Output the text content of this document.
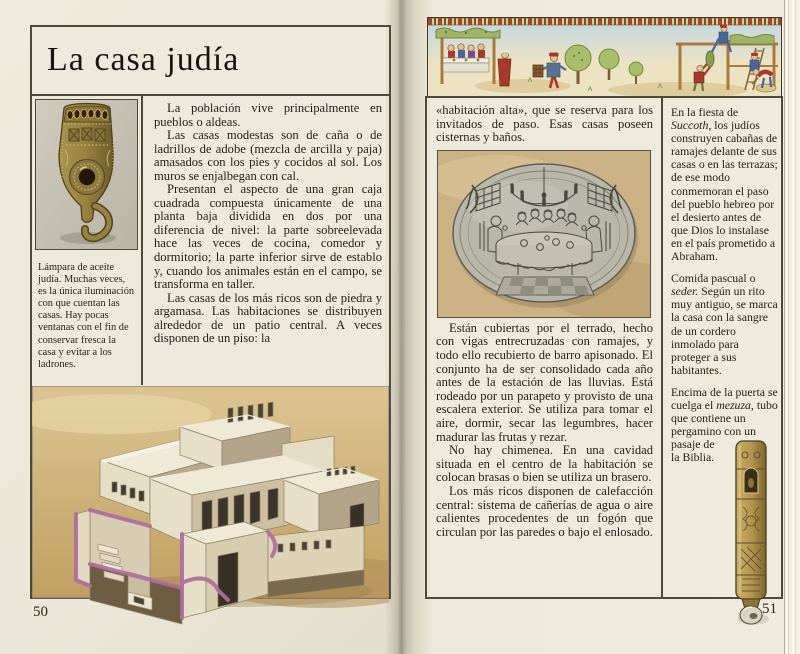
La casa judía

Lámpara de aceite judía. Muchas veces, es la única iluminación con que cuentan las casas. Hay pocas ventanas con el fin de conservar fresca la casa y evitar a los ladrones.

La población vive principalmente en pueblos o aldeas.

Las casas modestas son de caña o de ladrillos de adobe (mezcla de arcilla y paja) amasados con los pies y cocidos al sol. Los muros se enjalbegan con cal.

Presentan el aspecto de una gran caja cuadrada compuesta únicamente de una planta baja dividida en dos por una diferencia de nivel: la parte sobreelevada hace las veces de cocina, comedor y dormitorio; la parte inferior sirve de establo y, cuando los animales están en el campo, se transforma en taller.

Las casas de los más ricos son de piedra y argamasa. Las habitaciones se distribuyen alrededor de un patio central. A veces disponen de un piso: la

50

«habitación alta», que se reserva para los invitados de paso. Esas casas poseen cisternas y baños.

Están cubiertas por el terrado, hecho con vigas entrecruzadas con ramajes, y todo ello recubierto de barro apisonado. El conjunto ha de ser consolidado cada año antes de la estación de las lluvias. Está rodeado por un parapeto y provisto de una escalera exterior. Se utiliza para tomar el aire, dormir, secar las legumbres, hacer madurar las frutas y rezar.

No hay chimenea. En una cavidad situada en el centro de la habitación se colocan brasas o bien se utiliza un brasero.

Los más ricos disponen de calefacción central: sistema de cañerías de agua o aire calientes procedentes de un fogón que circulan por las paredes o bajo el enlosado.

En la fiesta de Succoth, los judíos construyen cabañas de ramajes delante de sus casas o en las terrazas; de ese modo conmemoran el paso del pueblo hebreo por el desierto antes de que Dios lo instalase en el país prometido a Abraham.

Comida pascual o seder. Según un rito muy antiguo, se marca la casa con la sangre de un cordero inmolado para proteger a sus habitantes.

Encima de la puerta se cuelga el mezuza, tubo que contiene un pergamino con un
pasaje de la Biblia.

51
